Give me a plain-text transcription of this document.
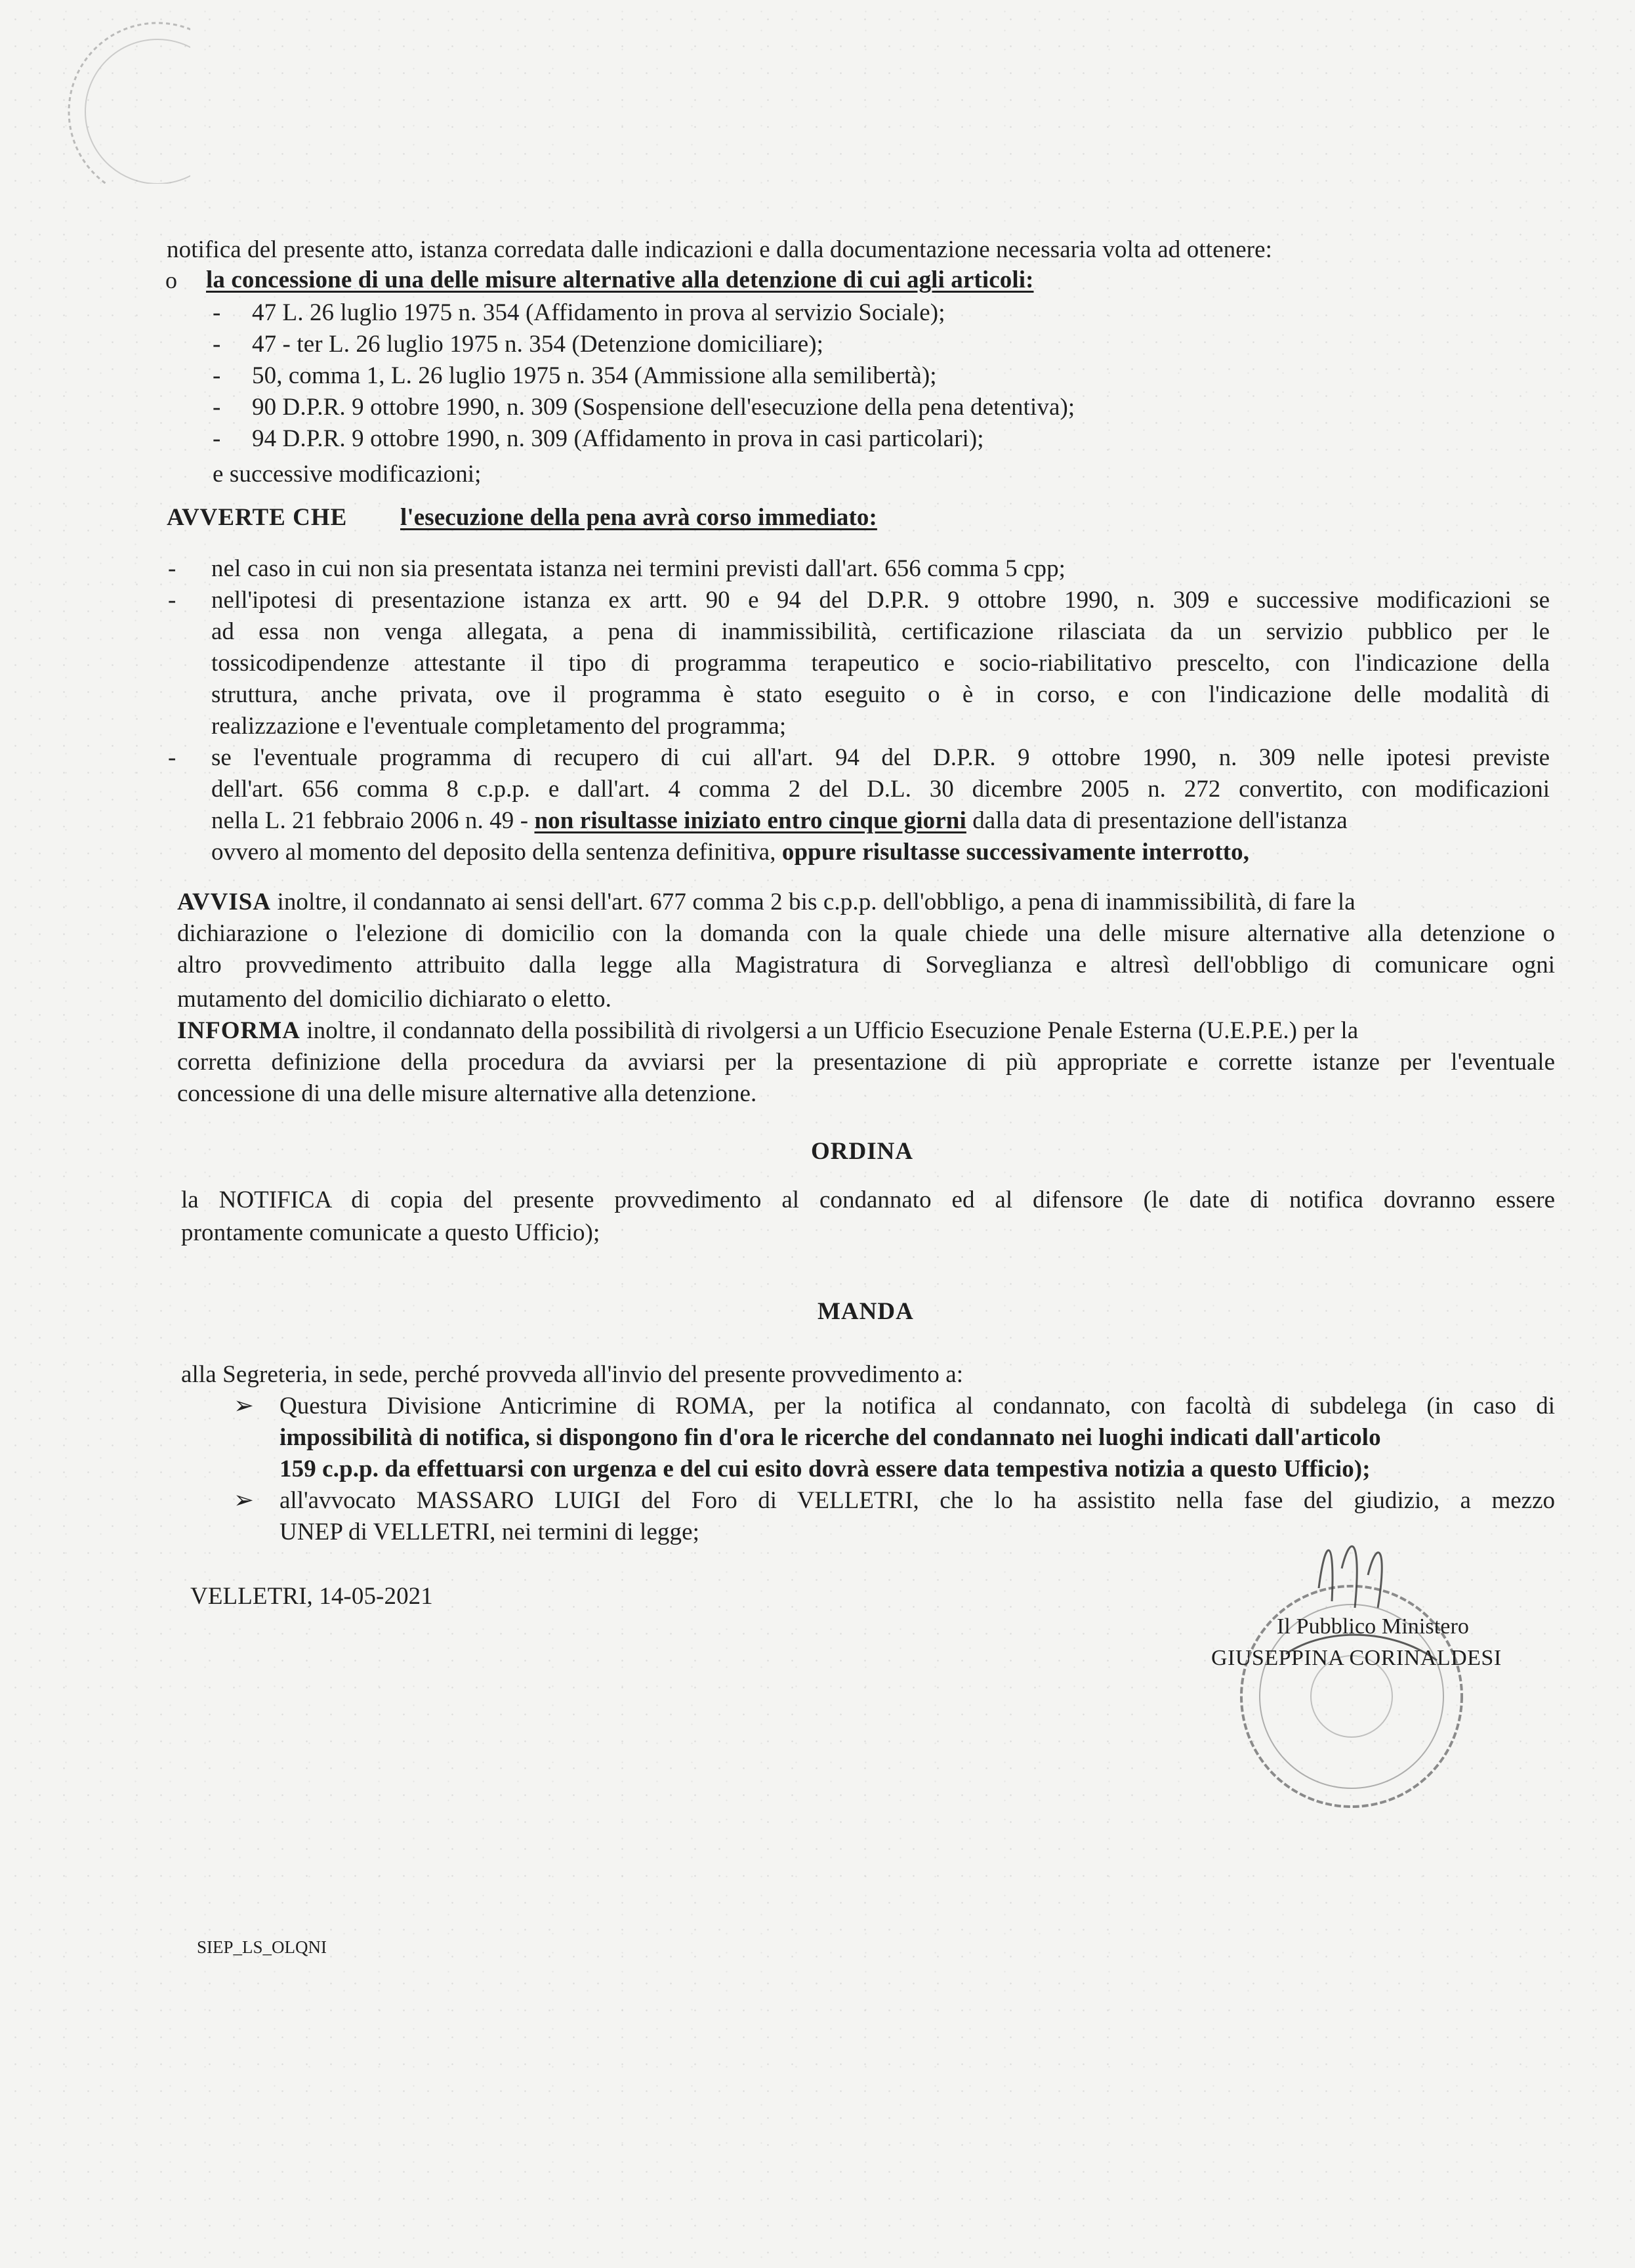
notifica del presente atto, istanza corredata dalle indicazioni e dalla documentazione necessaria volta ad ottenere:
o la concessione di una delle misure alternative alla detenzione di cui agli articoli:
- 47 L. 26 luglio 1975 n. 354 (Affidamento in prova al servizio Sociale);
- 47 - ter L. 26 luglio 1975 n. 354 (Detenzione domiciliare);
- 50, comma 1, L. 26 luglio 1975 n. 354 (Ammissione alla semilibertà);
- 90 D.P.R. 9 ottobre 1990, n. 309 (Sospensione dell'esecuzione della pena detentiva);
- 94 D.P.R. 9 ottobre 1990, n. 309 (Affidamento in prova in casi particolari);
e successive modificazioni;
AVVERTE CHE l'esecuzione della pena avrà corso immediato:
- nel caso in cui non sia presentata istanza nei termini previsti dall'art. 656 comma 5 cpp;
- nell'ipotesi di presentazione istanza ex artt. 90 e 94 del D.P.R. 9 ottobre 1990, n. 309 e successive modificazioni se
ad essa non venga allegata, a pena di inammissibilità, certificazione rilasciata da un servizio pubblico per le
tossicodipendenze attestante il tipo di programma terapeutico e socio-riabilitativo prescelto, con l'indicazione della
struttura, anche privata, ove il programma è stato eseguito o è in corso, e con l'indicazione delle modalità di
realizzazione e l'eventuale completamento del programma;
- se l'eventuale programma di recupero di cui all'art. 94 del D.P.R. 9 ottobre 1990, n. 309 nelle ipotesi previste
dell'art. 656 comma 8 c.p.p. e dall'art. 4 comma 2 del D.L. 30 dicembre 2005 n. 272 convertito, con modificazioni
nella L. 21 febbraio 2006 n. 49 - non risultasse iniziato entro cinque giorni dalla data di presentazione dell'istanza
ovvero al momento del deposito della sentenza definitiva, oppure risultasse successivamente interrotto,
AVVISA inoltre, il condannato ai sensi dell'art. 677 comma 2 bis c.p.p. dell'obbligo, a pena di inammissibilità, di fare la
dichiarazione o l'elezione di domicilio con la domanda con la quale chiede una delle misure alternative alla detenzione o
altro provvedimento attribuito dalla legge alla Magistratura di Sorveglianza e altresì dell'obbligo di comunicare ogni
mutamento del domicilio dichiarato o eletto.
INFORMA inoltre, il condannato della possibilità di rivolgersi a un Ufficio Esecuzione Penale Esterna (U.E.P.E.) per la
corretta definizione della procedura da avviarsi per la presentazione di più appropriate e corrette istanze per l'eventuale
concessione di una delle misure alternative alla detenzione.
ORDINA
la NOTIFICA di copia del presente provvedimento al condannato ed al difensore (le date di notifica dovranno essere
prontamente comunicate a questo Ufficio);
MANDA
alla Segreteria, in sede, perché provveda all'invio del presente provvedimento a:
➢ Questura Divisione Anticrimine di ROMA, per la notifica al condannato, con facoltà di subdelega (in caso di
impossibilità di notifica, si dispongono fin d'ora le ricerche del condannato nei luoghi indicati dall'articolo
159 c.p.p. da effettuarsi con urgenza e del cui esito dovrà essere data tempestiva notizia a questo Ufficio);
➢ all'avvocato MASSARO LUIGI del Foro di VELLETRI, che lo ha assistito nella fase del giudizio, a mezzo
UNEP di VELLETRI, nei termini di legge;
VELLETRI, 14-05-2021
Il Pubblico Ministero
GIUSEPPINA CORINALDESI
SIEP_LS_OLQNI
